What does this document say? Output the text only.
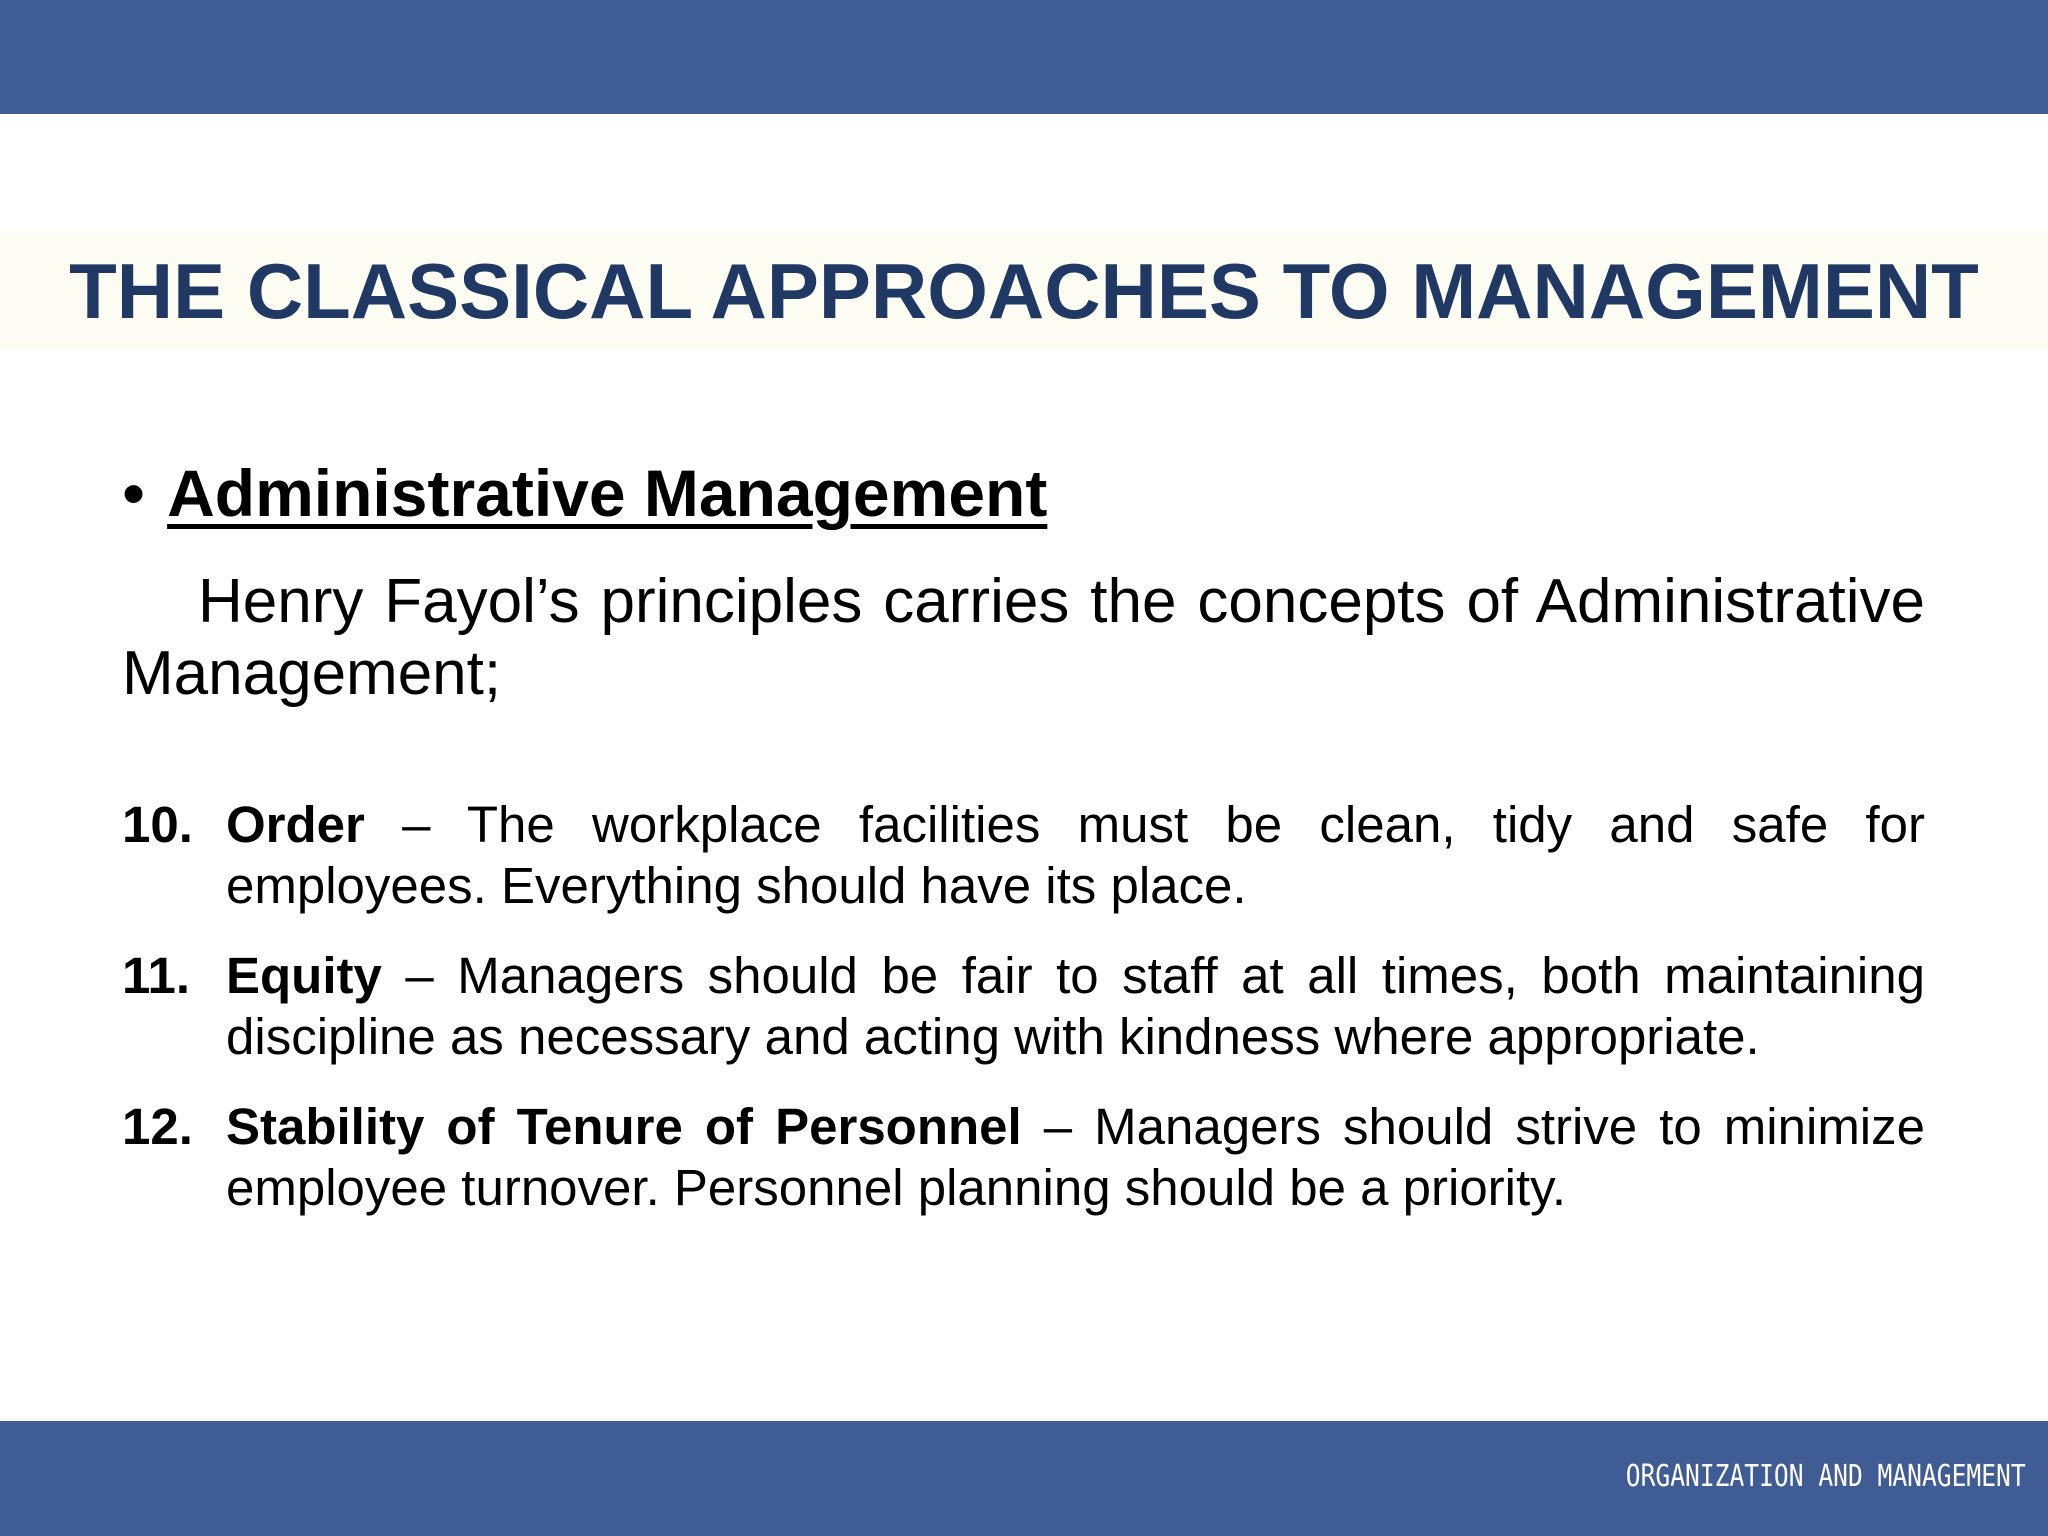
THE CLASSICAL APPROACHES TO MANAGEMENT
• Administrative Management
Henry Fayol’s principles carries the concepts of Administrative Management;
10. Order – The workplace facilities must be clean, tidy and safe for employees. Everything should have its place.
11. Equity – Managers should be fair to staff at all times, both maintaining discipline as necessary and acting with kindness where appropriate.
12. Stability of Tenure of Personnel – Managers should strive to minimize employee turnover. Personnel planning should be a priority.
ORGANIZATION AND MANAGEMENT
